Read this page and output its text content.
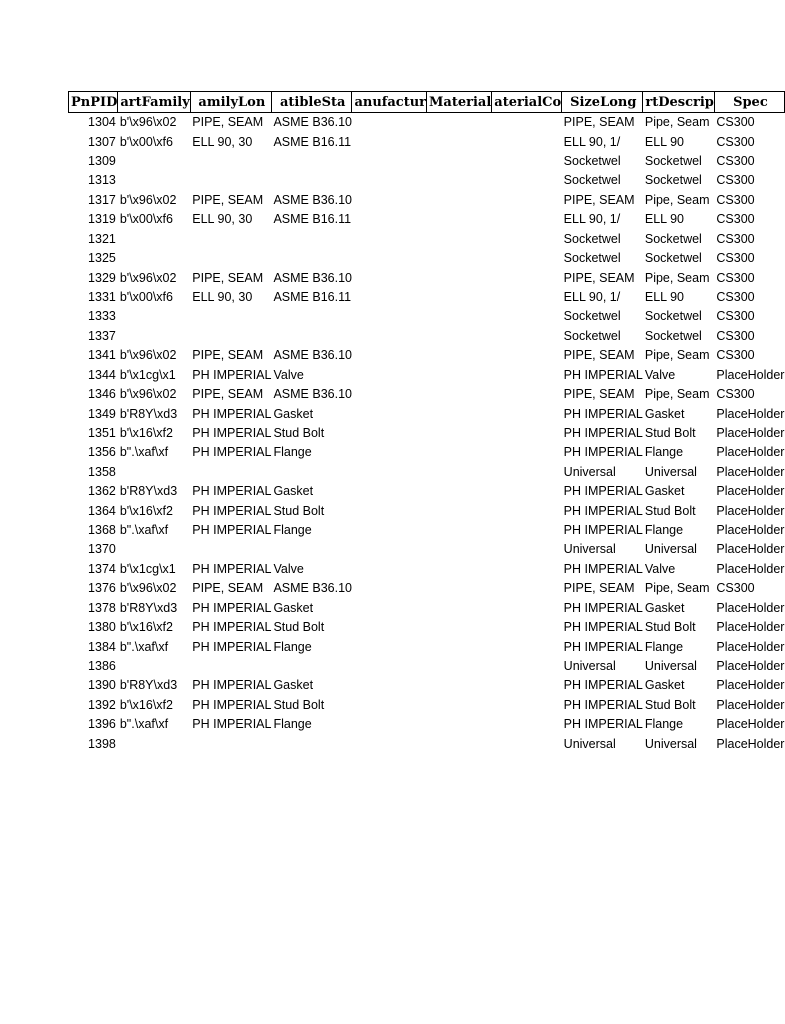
PnPID	artFamily	amilyLon	atibleSta	anufactur	Material	aterialCo	SizeLong	rtDescrip	Spec
1304	b'\x96\x02	PIPE, SEAM	ASME B36.10				PIPE, SEAM	Pipe, Seam	CS300
1307	b'\x00\xf6	ELL 90, 30	ASME B16.11				ELL 90, 1/	ELL 90	CS300
1309							Socketwel	Socketwel	CS300
1313							Socketwel	Socketwel	CS300
1317	b'\x96\x02	PIPE, SEAM	ASME B36.10				PIPE, SEAM	Pipe, Seam	CS300
1319	b'\x00\xf6	ELL 90, 30	ASME B16.11				ELL 90, 1/	ELL 90	CS300
1321							Socketwel	Socketwel	CS300
1325							Socketwel	Socketwel	CS300
1329	b'\x96\x02	PIPE, SEAM	ASME B36.10				PIPE, SEAM	Pipe, Seam	CS300
1331	b'\x00\xf6	ELL 90, 30	ASME B16.11				ELL 90, 1/	ELL 90	CS300
1333							Socketwel	Socketwel	CS300
1337							Socketwel	Socketwel	CS300
1341	b'\x96\x02	PIPE, SEAM	ASME B36.10				PIPE, SEAM	Pipe, Seam	CS300
1344	b'\x1cg\x1	PH IMPERIAL	Valve				PH IMPERIAL	Valve	PlaceHolder
1346	b'\x96\x02	PIPE, SEAM	ASME B36.10				PIPE, SEAM	Pipe, Seam	CS300
1349	b'R8Y\xd3	PH IMPERIAL	Gasket				PH IMPERIAL	Gasket	PlaceHolder
1351	b'\x16\xf2	PH IMPERIAL	Stud Bolt				PH IMPERIAL	Stud Bolt	PlaceHolder
1356	b".\xaf\xf	PH IMPERIAL	Flange				PH IMPERIAL	Flange	PlaceHolder
1358							Universal	Universal	PlaceHolder
1362	b'R8Y\xd3	PH IMPERIAL	Gasket				PH IMPERIAL	Gasket	PlaceHolder
1364	b'\x16\xf2	PH IMPERIAL	Stud Bolt				PH IMPERIAL	Stud Bolt	PlaceHolder
1368	b".\xaf\xf	PH IMPERIAL	Flange				PH IMPERIAL	Flange	PlaceHolder
1370							Universal	Universal	PlaceHolder
1374	b'\x1cg\x1	PH IMPERIAL	Valve				PH IMPERIAL	Valve	PlaceHolder
1376	b'\x96\x02	PIPE, SEAM	ASME B36.10				PIPE, SEAM	Pipe, Seam	CS300
1378	b'R8Y\xd3	PH IMPERIAL	Gasket				PH IMPERIAL	Gasket	PlaceHolder
1380	b'\x16\xf2	PH IMPERIAL	Stud Bolt				PH IMPERIAL	Stud Bolt	PlaceHolder
1384	b".\xaf\xf	PH IMPERIAL	Flange				PH IMPERIAL	Flange	PlaceHolder
1386							Universal	Universal	PlaceHolder
1390	b'R8Y\xd3	PH IMPERIAL	Gasket				PH IMPERIAL	Gasket	PlaceHolder
1392	b'\x16\xf2	PH IMPERIAL	Stud Bolt				PH IMPERIAL	Stud Bolt	PlaceHolder
1396	b".\xaf\xf	PH IMPERIAL	Flange				PH IMPERIAL	Flange	PlaceHolder
1398							Universal	Universal	PlaceHolder
